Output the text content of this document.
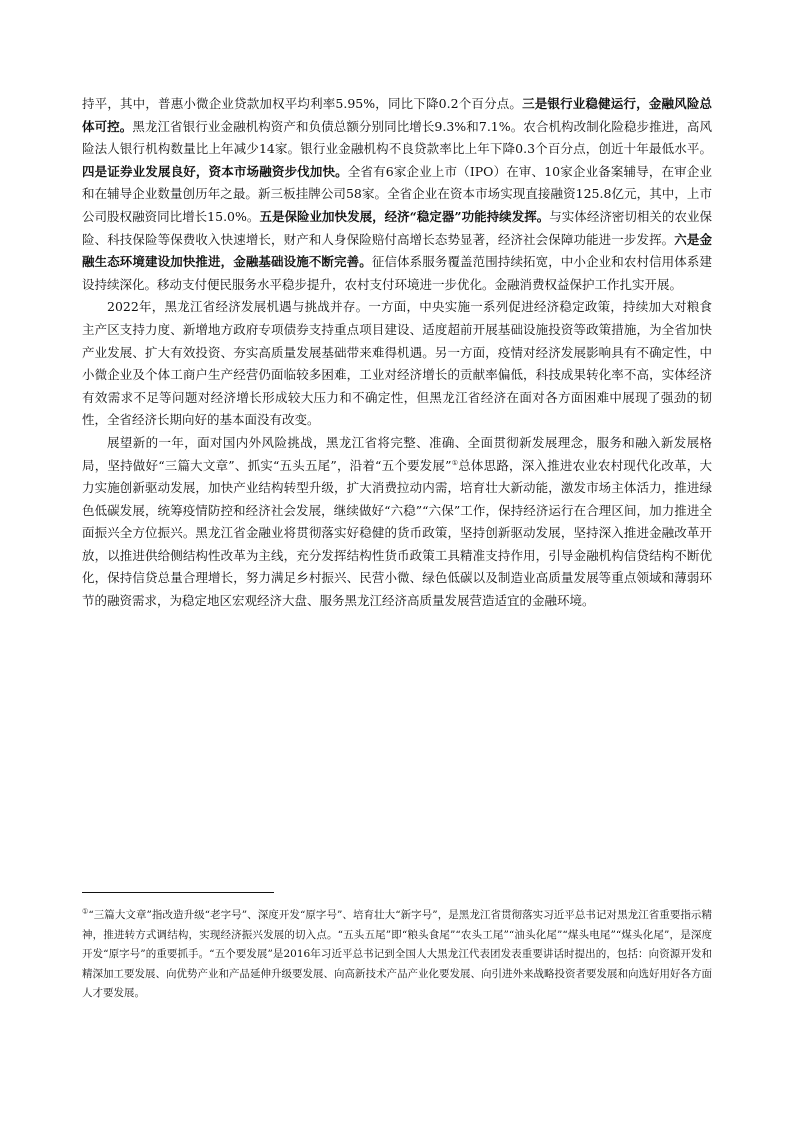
持平，其中，普惠小微企业贷款加权平均利率5.95%，同比下降0.2个百分点。三是银行业稳健运行，金融风险总体可控。黑龙江省银行业金融机构资产和负债总额分别同比增长9.3%和7.1%。农合机构改制化险稳步推进，高风险法人银行机构数量比上年减少14家。银行业金融机构不良贷款率比上年下降0.3个百分点，创近十年最低水平。四是证券业发展良好，资本市场融资步伐加快。全省有6家企业上市（IPO）在审、10家企业备案辅导，在审企业和在辅导企业数量创历年之最。新三板挂牌公司58家。全省企业在资本市场实现直接融资125.8亿元，其中，上市公司股权融资同比增长15.0%。五是保险业加快发展，经济“稳定器”功能持续发挥。与实体经济密切相关的农业保险、科技保险等保费收入快速增长，财产和人身保险赔付高增长态势显著，经济社会保障功能进一步发挥。六是金融生态环境建设加快推进，金融基础设施不断完善。征信体系服务覆盖范围持续拓宽，中小企业和农村信用体系建设持续深化。移动支付便民服务水平稳步提升，农村支付环境进一步优化。金融消费权益保护工作扎实开展。

2022年，黑龙江省经济发展机遇与挑战并存。一方面，中央实施一系列促进经济稳定政策，持续加大对粮食主产区支持力度、新增地方政府专项债券支持重点项目建设、适度超前开展基础设施投资等政策措施，为全省加快产业发展、扩大有效投资、夯实高质量发展基础带来难得机遇。另一方面，疫情对经济发展影响具有不确定性，中小微企业及个体工商户生产经营仍面临较多困难，工业对经济增长的贡献率偏低，科技成果转化率不高，实体经济有效需求不足等问题对经济增长形成较大压力和不确定性，但黑龙江省经济在面对各方面困难中展现了强劲的韧性，全省经济长期向好的基本面没有改变。

展望新的一年，面对国内外风险挑战，黑龙江省将完整、准确、全面贯彻新发展理念，服务和融入新发展格局，坚持做好“三篇大文章”、抓实“五头五尾”，沿着“五个要发展”①总体思路，深入推进农业农村现代化改革，大力实施创新驱动发展，加快产业结构转型升级，扩大消费拉动内需，培育壮大新动能，激发市场主体活力，推进绿色低碳发展，统筹疫情防控和经济社会发展，继续做好“六稳”“六保”工作，保持经济运行在合理区间，加力推进全面振兴全方位振兴。黑龙江省金融业将贯彻落实好稳健的货币政策，坚持创新驱动发展，坚持深入推进金融改革开放，以推进供给侧结构性改革为主线，充分发挥结构性货币政策工具精准支持作用，引导金融机构信贷结构不断优化，保持信贷总量合理增长，努力满足乡村振兴、民营小微、绿色低碳以及制造业高质量发展等重点领域和薄弱环节的融资需求，为稳定地区宏观经济大盘、服务黑龙江经济高质量发展营造适宜的金融环境。

①“三篇大文章”指改造升级“老字号”、深度开发“原字号”、培育壮大“新字号”，是黑龙江省贯彻落实习近平总书记对黑龙江省重要指示精神，推进转方式调结构，实现经济振兴发展的切入点。“五头五尾”即“粮头食尾”“农头工尾”“油头化尾”“煤头电尾”“煤头化尾”，是深度开发“原字号”的重要抓手。“五个要发展”是2016年习近平总书记到全国人大黑龙江代表团发表重要讲话时提出的，包括：向资源开发和精深加工要发展、向优势产业和产品延伸升级要发展、向高新技术产品产业化要发展、向引进外来战略投资者要发展和向选好用好各方面人才要发展。
